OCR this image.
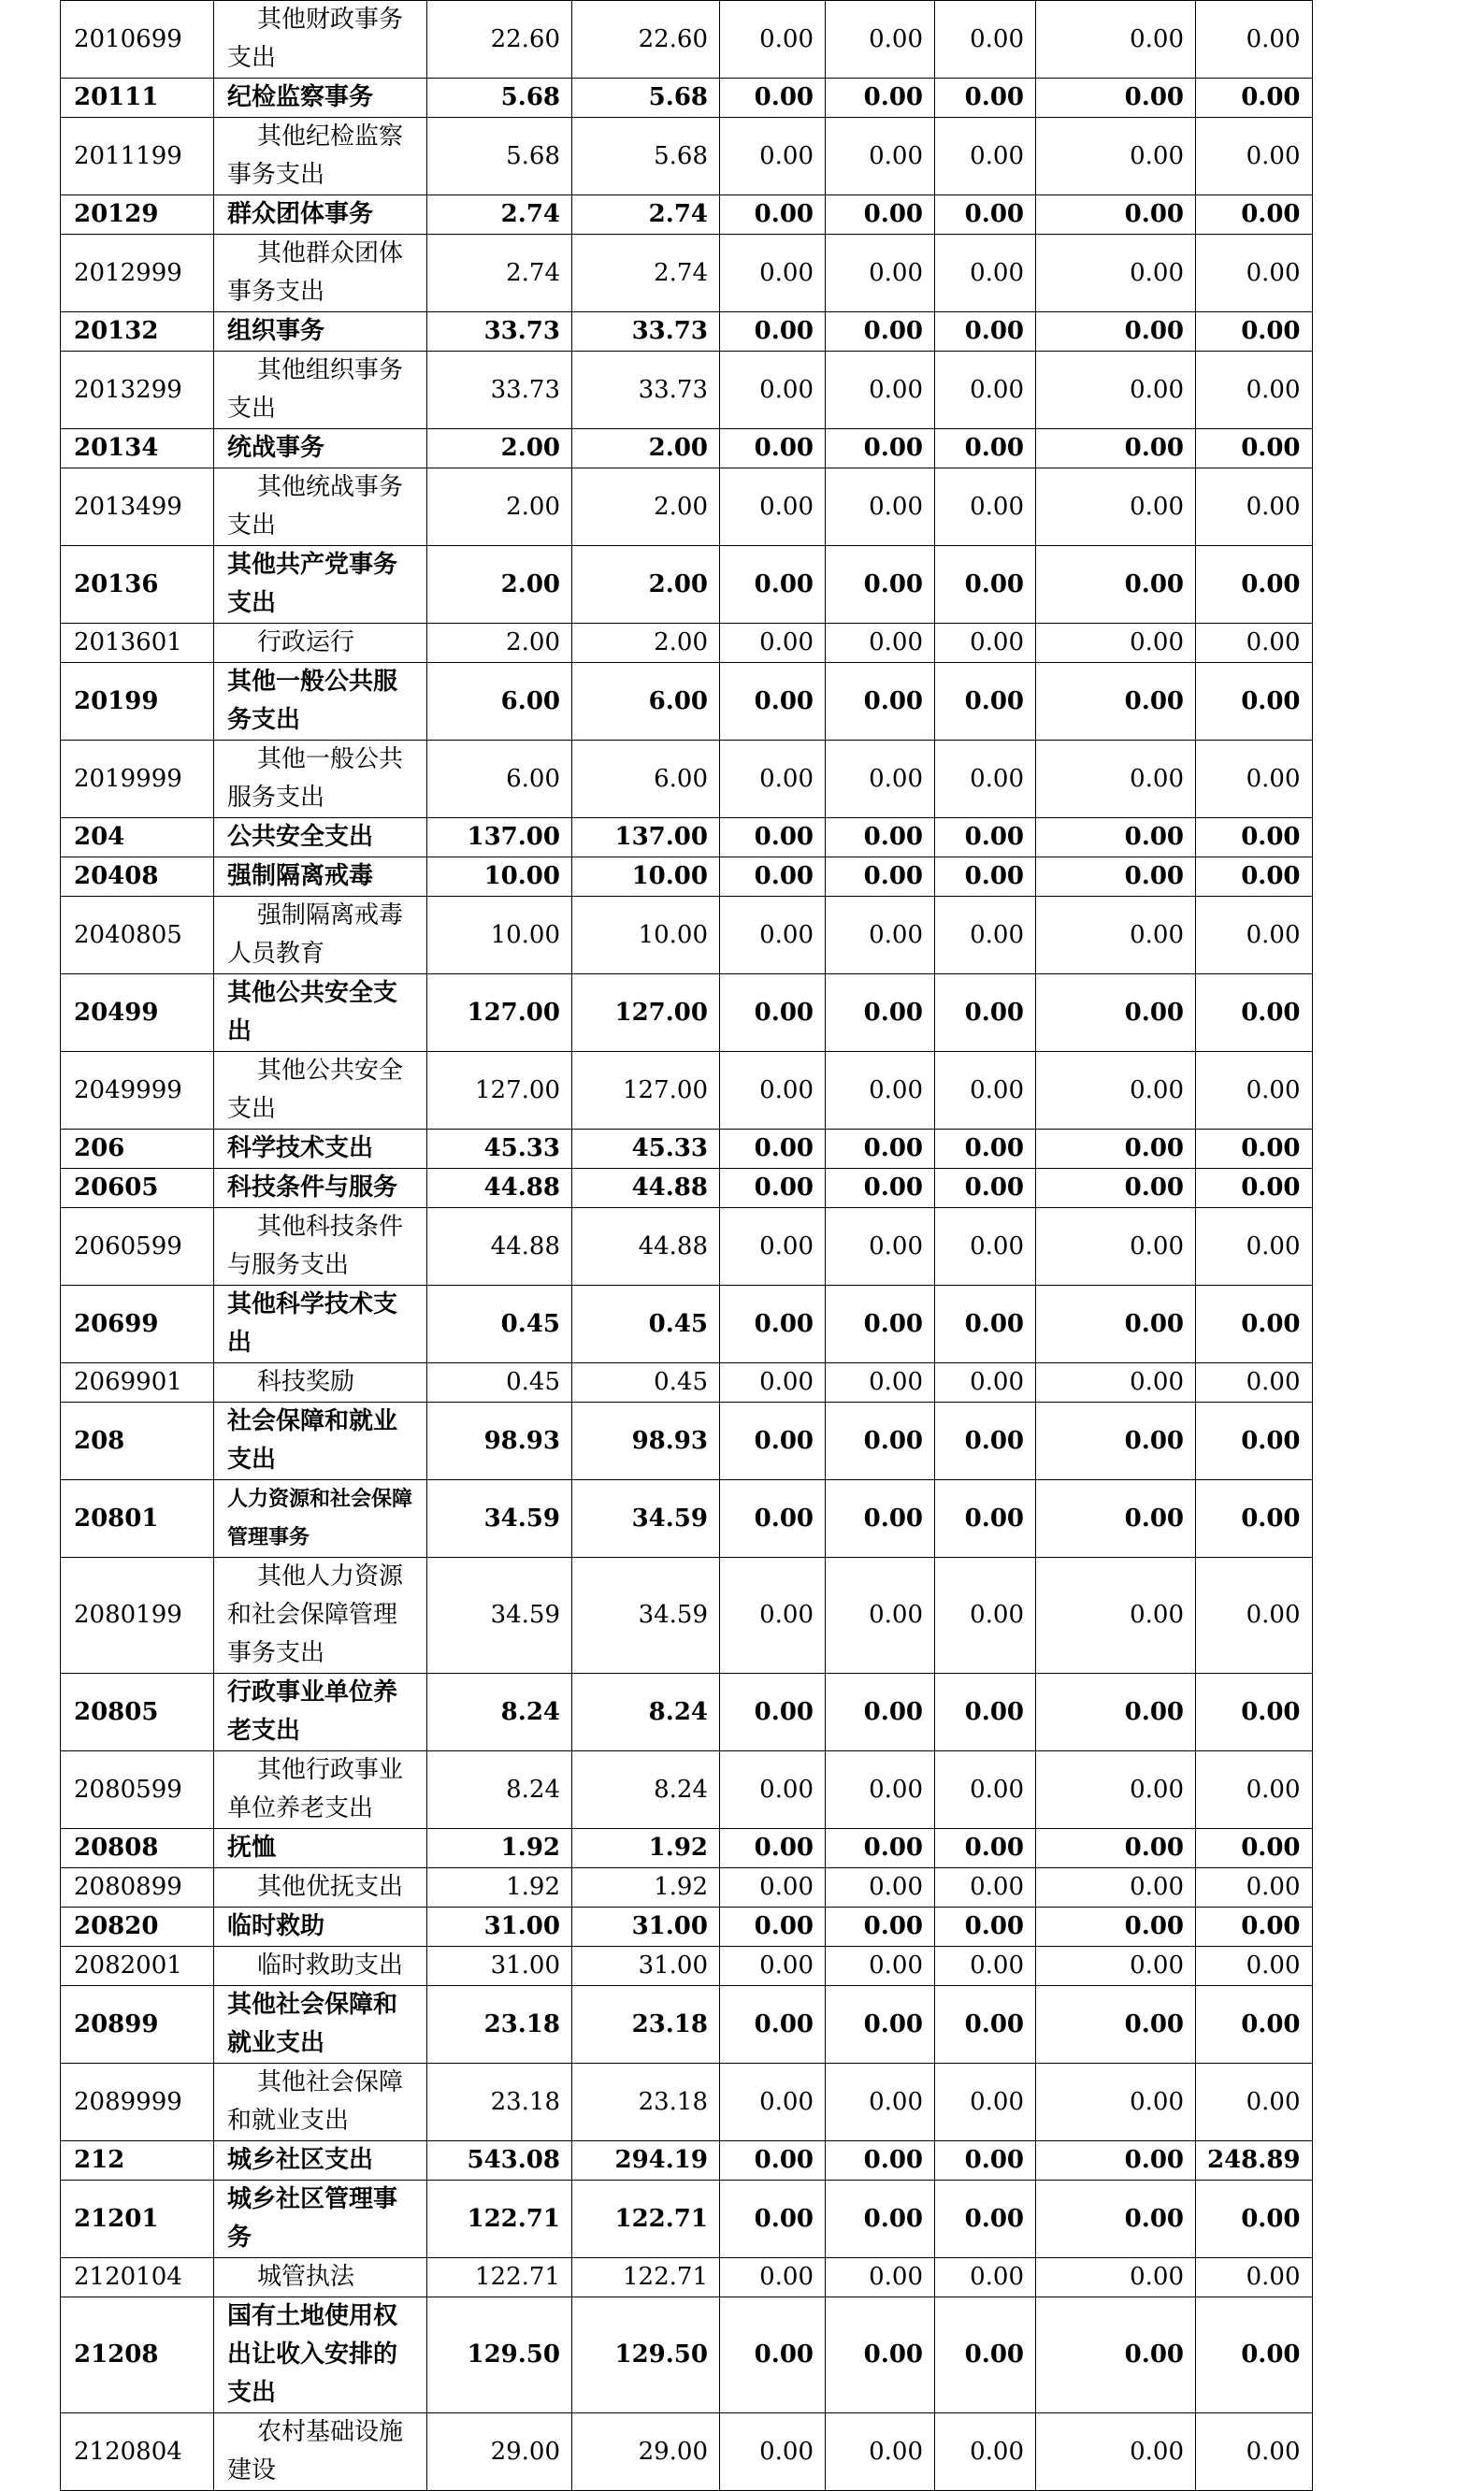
2010699	其他财政事务支出	22.60	22.60	0.00	0.00	0.00	0.00	0.00
20111	纪检监察事务	5.68	5.68	0.00	0.00	0.00	0.00	0.00
2011199	其他纪检监察事务支出	5.68	5.68	0.00	0.00	0.00	0.00	0.00
20129	群众团体事务	2.74	2.74	0.00	0.00	0.00	0.00	0.00
2012999	其他群众团体事务支出	2.74	2.74	0.00	0.00	0.00	0.00	0.00
20132	组织事务	33.73	33.73	0.00	0.00	0.00	0.00	0.00
2013299	其他组织事务支出	33.73	33.73	0.00	0.00	0.00	0.00	0.00
20134	统战事务	2.00	2.00	0.00	0.00	0.00	0.00	0.00
2013499	其他统战事务支出	2.00	2.00	0.00	0.00	0.00	0.00	0.00
20136	其他共产党事务支出	2.00	2.00	0.00	0.00	0.00	0.00	0.00
2013601	行政运行	2.00	2.00	0.00	0.00	0.00	0.00	0.00
20199	其他一般公共服务支出	6.00	6.00	0.00	0.00	0.00	0.00	0.00
2019999	其他一般公共服务支出	6.00	6.00	0.00	0.00	0.00	0.00	0.00
204	公共安全支出	137.00	137.00	0.00	0.00	0.00	0.00	0.00
20408	强制隔离戒毒	10.00	10.00	0.00	0.00	0.00	0.00	0.00
2040805	强制隔离戒毒人员教育	10.00	10.00	0.00	0.00	0.00	0.00	0.00
20499	其他公共安全支出	127.00	127.00	0.00	0.00	0.00	0.00	0.00
2049999	其他公共安全支出	127.00	127.00	0.00	0.00	0.00	0.00	0.00
206	科学技术支出	45.33	45.33	0.00	0.00	0.00	0.00	0.00
20605	科技条件与服务	44.88	44.88	0.00	0.00	0.00	0.00	0.00
2060599	其他科技条件与服务支出	44.88	44.88	0.00	0.00	0.00	0.00	0.00
20699	其他科学技术支出	0.45	0.45	0.00	0.00	0.00	0.00	0.00
2069901	科技奖励	0.45	0.45	0.00	0.00	0.00	0.00	0.00
208	社会保障和就业支出	98.93	98.93	0.00	0.00	0.00	0.00	0.00
20801	人力资源和社会保障管理事务	34.59	34.59	0.00	0.00	0.00	0.00	0.00
2080199	其他人力资源和社会保障管理事务支出	34.59	34.59	0.00	0.00	0.00	0.00	0.00
20805	行政事业单位养老支出	8.24	8.24	0.00	0.00	0.00	0.00	0.00
2080599	其他行政事业单位养老支出	8.24	8.24	0.00	0.00	0.00	0.00	0.00
20808	抚恤	1.92	1.92	0.00	0.00	0.00	0.00	0.00
2080899	其他优抚支出	1.92	1.92	0.00	0.00	0.00	0.00	0.00
20820	临时救助	31.00	31.00	0.00	0.00	0.00	0.00	0.00
2082001	临时救助支出	31.00	31.00	0.00	0.00	0.00	0.00	0.00
20899	其他社会保障和就业支出	23.18	23.18	0.00	0.00	0.00	0.00	0.00
2089999	其他社会保障和就业支出	23.18	23.18	0.00	0.00	0.00	0.00	0.00
212	城乡社区支出	543.08	294.19	0.00	0.00	0.00	0.00	248.89
21201	城乡社区管理事务	122.71	122.71	0.00	0.00	0.00	0.00	0.00
2120104	城管执法	122.71	122.71	0.00	0.00	0.00	0.00	0.00
21208	国有土地使用权出让收入安排的支出	129.50	129.50	0.00	0.00	0.00	0.00	0.00
2120804	农村基础设施建设	29.00	29.00	0.00	0.00	0.00	0.00	0.00
